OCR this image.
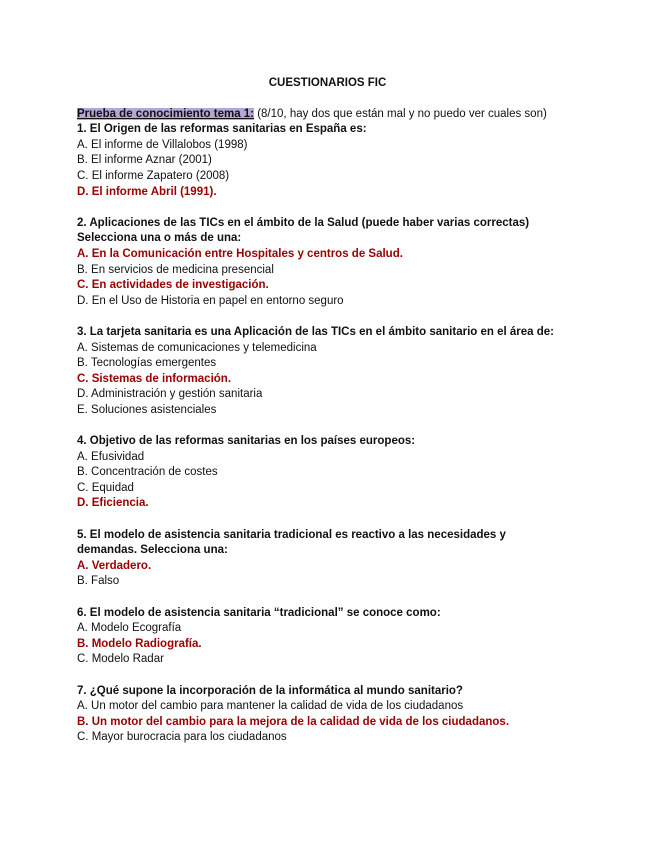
CUESTIONARIOS FIC
Prueba de conocimiento tema 1: (8/10, hay dos que están mal y no puedo ver cuales son)
1. El Origen de las reformas sanitarias en España es:
A. El informe de Villalobos (1998)
B. El informe Aznar (2001)
C. El informe Zapatero (2008)
D. El informe Abril (1991).
2. Aplicaciones de las TICs en el ámbito de la Salud (puede haber varias correctas)
Selecciona una o más de una:
A. En la Comunicación entre Hospitales y centros de Salud.
B. En servicios de medicina presencial
C. En actividades de investigación.
D. En el Uso de Historia en papel en entorno seguro
3. La tarjeta sanitaria es una Aplicación de las TICs en el ámbito sanitario en el área de:
A. Sistemas de comunicaciones y telemedicina
B. Tecnologías emergentes
C. Sistemas de información.
D. Administración y gestión sanitaria
E. Soluciones asistenciales
4. Objetivo de las reformas sanitarias en los países europeos:
A. Efusividad
B. Concentración de costes
C. Equidad
D. Eficiencia.
5. El modelo de asistencia sanitaria tradicional es reactivo a las necesidades y
demandas. Selecciona una:
A. Verdadero.
B. Falso
6. El modelo de asistencia sanitaria “tradicional” se conoce como:
A. Modelo Ecografía
B. Modelo Radiografía.
C. Modelo Radar
7. ¿Qué supone la incorporación de la informática al mundo sanitario?
A. Un motor del cambio para mantener la calidad de vida de los ciudadanos
B. Un motor del cambio para la mejora de la calidad de vida de los ciudadanos.
C. Mayor burocracia para los ciudadanos
